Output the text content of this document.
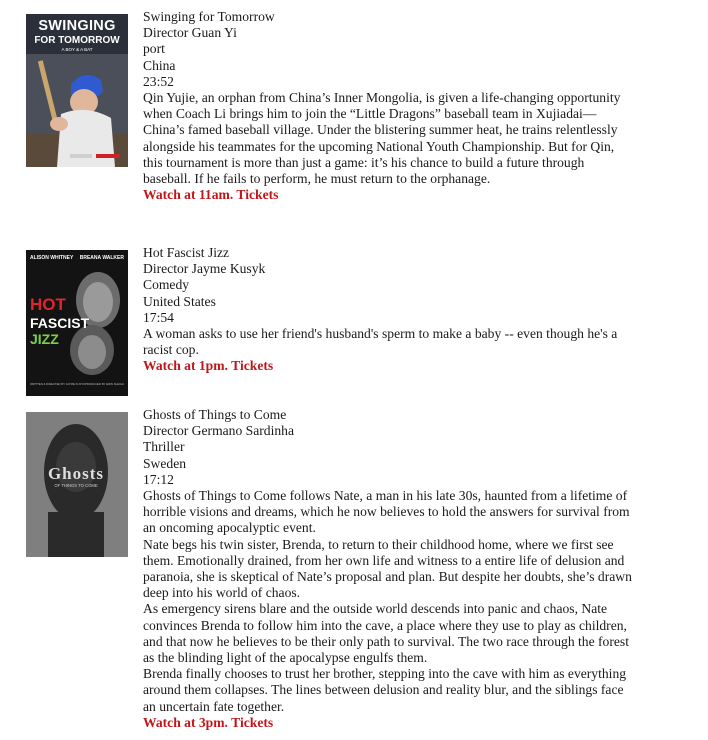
SWINGING
FOR TOMORROW
A BOY & A BAT
Swinging for Tomorrow
Director Guan Yi
port
China
23:52

Qin Yujie, an orphan from China’s Inner Mongolia, is given a life-changing opportunity when Coach Li brings him to join the “Little Dragons” baseball team in Xujiadai—China’s famed baseball village. Under the blistering summer heat, he trains relentlessly alongside his teammates for the upcoming National Youth Championship. But for Qin, this tournament is more than just a game: it’s his chance to build a future through baseball. If he fails to perform, he must return to the orphanage.

Watch at 11am. Tickets
ALISON WHITNEY BREANA WALKER
HOT
FASCIST
JIZZ
WRITTEN & DIRECTED BY JAYME KUSYK PRODUCED BY ERIN SLEIGH
Hot Fascist Jizz
Director Jayme Kusyk
Comedy
United States
17:54

A woman asks to use her friend's husband's sperm to make a baby -- even though he's a racist cop.

Watch at 1pm. Tickets
Ghosts
OF THINGS TO COME
Ghosts of Things to Come
Director Germano Sardinha
Thriller
Sweden
17:12

Ghosts of Things to Come follows Nate, a man in his late 30s, haunted from a lifetime of horrible visions and dreams, which he now believes to hold the answers for survival from an oncoming apocalyptic event.

Nate begs his twin sister, Brenda, to return to their childhood home, where we first see them. Emotionally drained, from her own life and witness to a entire life of delusion and paranoia, she is skeptical of Nate’s proposal and plan. But despite her doubts, she’s drawn deep into his world of chaos.

As emergency sirens blare and the outside world descends into panic and chaos, Nate convinces Brenda to follow him into the cave, a place where they use to play as children, and that now he believes to be their only path to survival. The two race through the forest as the blinding light of the apocalypse engulfs them.

Brenda finally chooses to trust her brother, stepping into the cave with him as everything around them collapses. The lines between delusion and reality blur, and the siblings face an uncertain fate together.

Watch at 3pm. Tickets
